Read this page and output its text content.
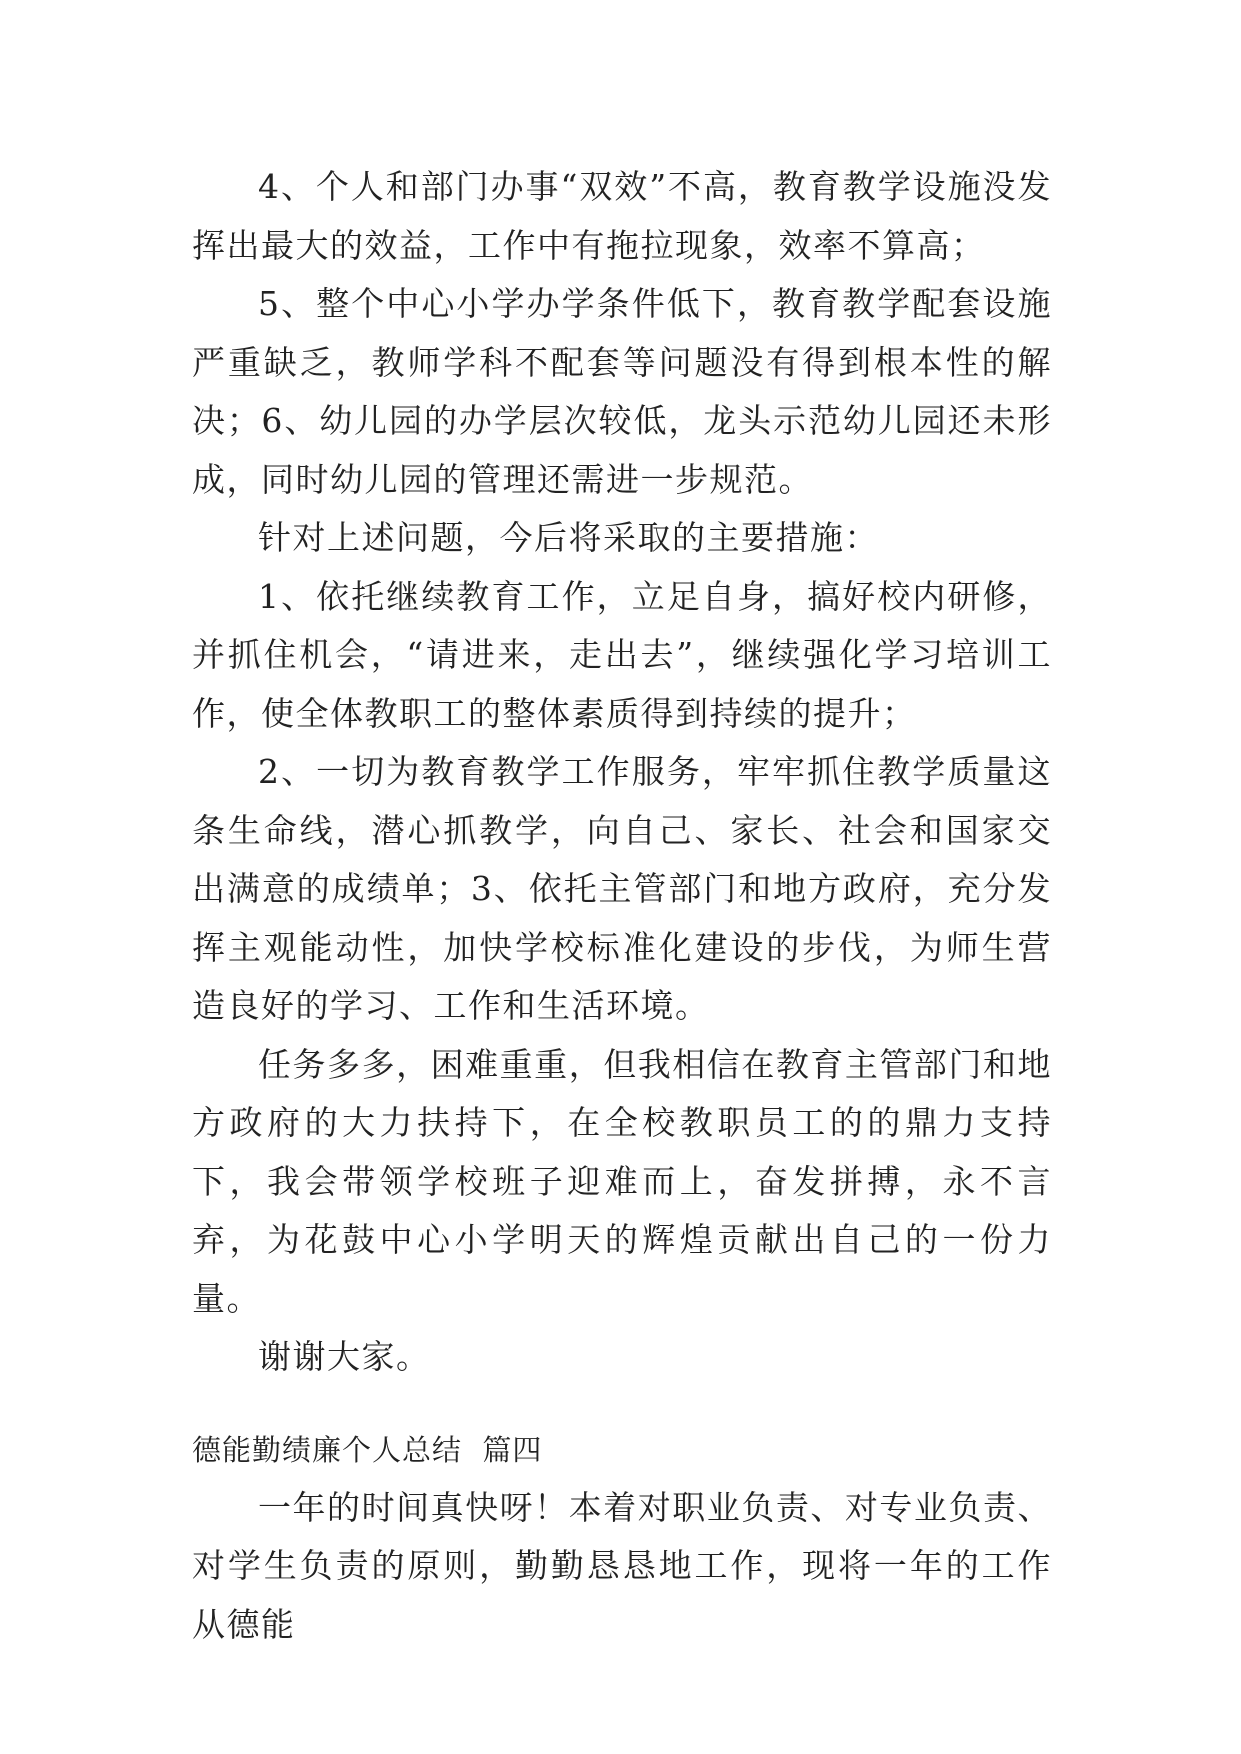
4、个人和部门办事“双效”不高，教育教学设施没发挥出最大的效益，工作中有拖拉现象，效率不算高；

5、整个中心小学办学条件低下，教育教学配套设施严重缺乏，教师学科不配套等问题没有得到根本性的解决；6、幼儿园的办学层次较低，龙头示范幼儿园还未形成，同时幼儿园的管理还需进一步规范。

针对上述问题，今后将采取的主要措施：

1、依托继续教育工作，立足自身，搞好校内研修，并抓住机会，“请进来，走出去”，继续强化学习培训工作，使全体教职工的整体素质得到持续的提升；

2、一切为教育教学工作服务，牢牢抓住教学质量这条生命线，潜心抓教学，向自己、家长、社会和国家交出满意的成绩单；3、依托主管部门和地方政府，充分发挥主观能动性，加快学校标准化建设的步伐，为师生营造良好的学习、工作和生活环境。

任务多多，困难重重，但我相信在教育主管部门和地方政府的大力扶持下，在全校教职员工的的鼎力支持下，我会带领学校班子迎难而上，奋发拼搏，永不言弃，为花鼓中心小学明天的辉煌贡献出自己的一份力量。

谢谢大家。

德能勤绩廉个人总结  篇四

一年的时间真快呀！本着对职业负责、对专业负责、对学生负责的原则，勤勤恳恳地工作，现将一年的工作从德能
